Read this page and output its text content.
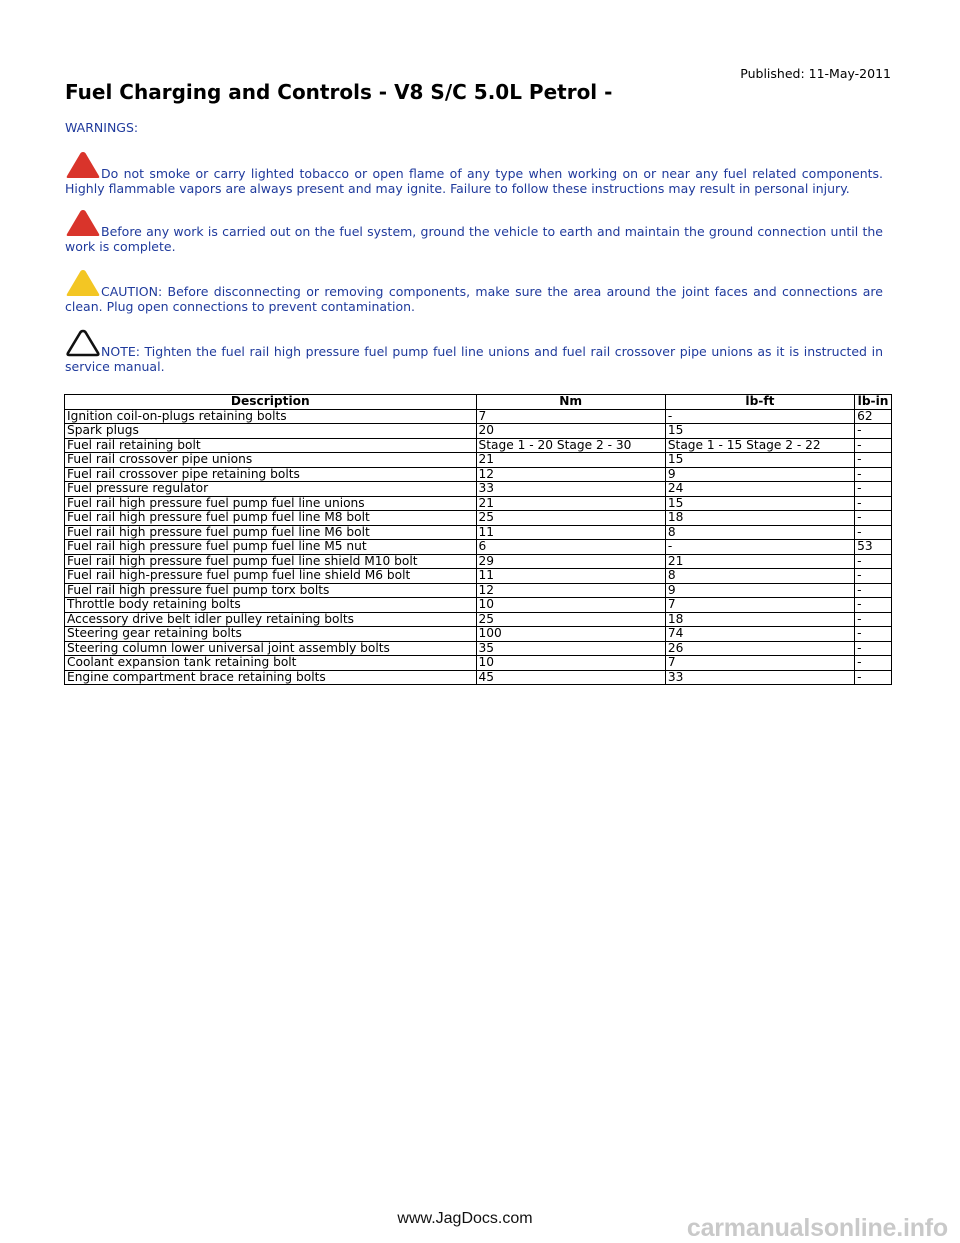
Published: 11-May-2011
Fuel Charging and Controls - V8 S/C 5.0L Petrol -
WARNINGS:
Do not smoke or carry lighted tobacco or open flame of any type when working on or near any fuel related components. Highly flammable vapors are always present and may ignite. Failure to follow these instructions may result in personal injury.
Before any work is carried out on the fuel system, ground the vehicle to earth and maintain the ground connection until the work is complete.
CAUTION: Before disconnecting or removing components, make sure the area around the joint faces and connections are clean. Plug open connections to prevent contamination.
NOTE: Tighten the fuel rail high pressure fuel pump fuel line unions and fuel rail crossover pipe unions as it is instructed in service manual.
Description	Nm	lb-ft	lb-in
Ignition coil-on-plugs retaining bolts	7	-	62
Spark plugs	20	15	-
Fuel rail retaining bolt	Stage 1 - 20 Stage 2 - 30	Stage 1 - 15 Stage 2 - 22	-
Fuel rail crossover pipe unions	21	15	-
Fuel rail crossover pipe retaining bolts	12	9	-
Fuel pressure regulator	33	24	-
Fuel rail high pressure fuel pump fuel line unions	21	15	-
Fuel rail high pressure fuel pump fuel line M8 bolt	25	18	-
Fuel rail high pressure fuel pump fuel line M6 bolt	11	8	-
Fuel rail high pressure fuel pump fuel line M5 nut	6	-	53
Fuel rail high pressure fuel pump fuel line shield M10 bolt	29	21	-
Fuel rail high-pressure fuel pump fuel line shield M6 bolt	11	8	-
Fuel rail high pressure fuel pump torx bolts	12	9	-
Throttle body retaining bolts	10	7	-
Accessory drive belt idler pulley retaining bolts	25	18	-
Steering gear retaining bolts	100	74	-
Steering column lower universal joint assembly bolts	35	26	-
Coolant expansion tank retaining bolt	10	7	-
Engine compartment brace retaining bolts	45	33	-
www.JagDocs.com	carmanualsonline.info
